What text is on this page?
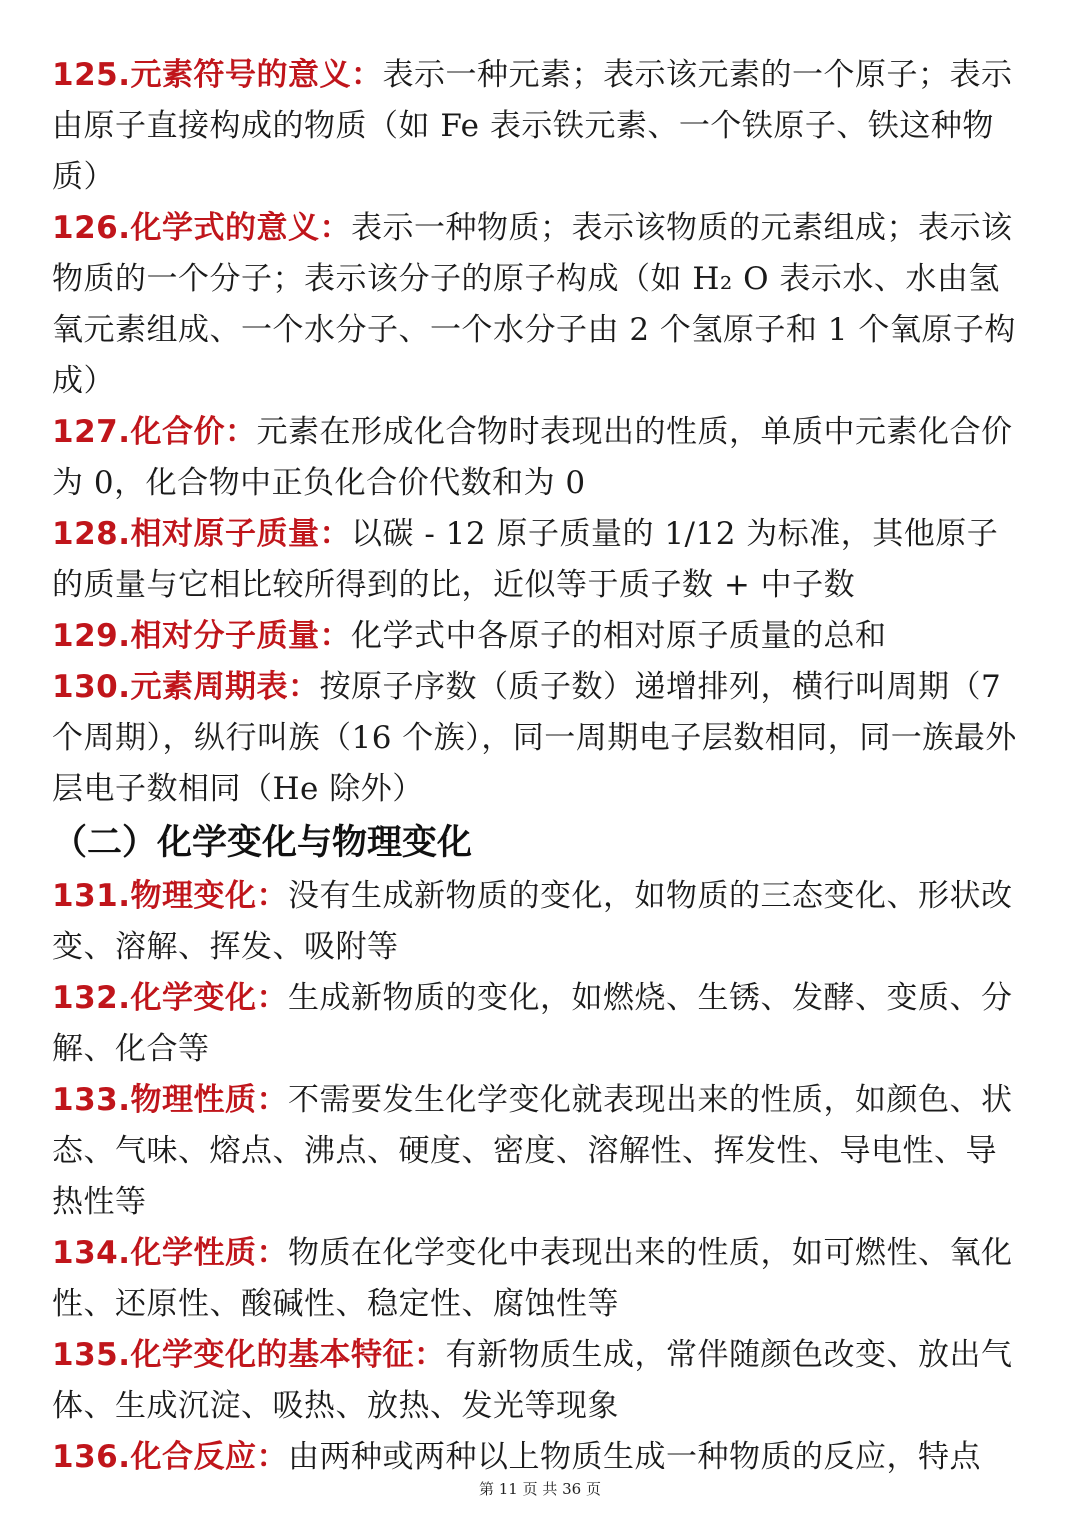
125.元素符号的意义：表示一种元素；表示该元素的一个原子；表示由原子直接构成的物质（如 Fe 表示铁元素、一个铁原子、铁这种物质）

126.化学式的意义：表示一种物质；表示该物质的元素组成；表示该物质的一个分子；表示该分子的原子构成（如 H₂ O 表示水、水由氢氧元素组成、一个水分子、一个水分子由 2 个氢原子和 1 个氧原子构成）

127.化合价：元素在形成化合物时表现出的性质，单质中元素化合价为 0，化合物中正负化合价代数和为 0

128.相对原子质量：以碳 - 12 原子质量的 1/12 为标准，其他原子的质量与它相比较所得到的比，近似等于质子数 + 中子数

129.相对分子质量：化学式中各原子的相对原子质量的总和

130.元素周期表：按原子序数（质子数）递增排列，横行叫周期（7 个周期），纵行叫族（16 个族），同一周期电子层数相同，同一族最外层电子数相同（He 除外）

（二）化学变化与物理变化

131.物理变化：没有生成新物质的变化，如物质的三态变化、形状改变、溶解、挥发、吸附等

132.化学变化：生成新物质的变化，如燃烧、生锈、发酵、变质、分解、化合等

133.物理性质：不需要发生化学变化就表现出来的性质，如颜色、状态、气味、熔点、沸点、硬度、密度、溶解性、挥发性、导电性、导热性等

134.化学性质：物质在化学变化中表现出来的性质，如可燃性、氧化性、还原性、酸碱性、稳定性、腐蚀性等

135.化学变化的基本特征：有新物质生成，常伴随颜色改变、放出气体、生成沉淀、吸热、放热、发光等现象

136.化合反应：由两种或两种以上物质生成一种物质的反应，特点

第 11 页 共 36 页
